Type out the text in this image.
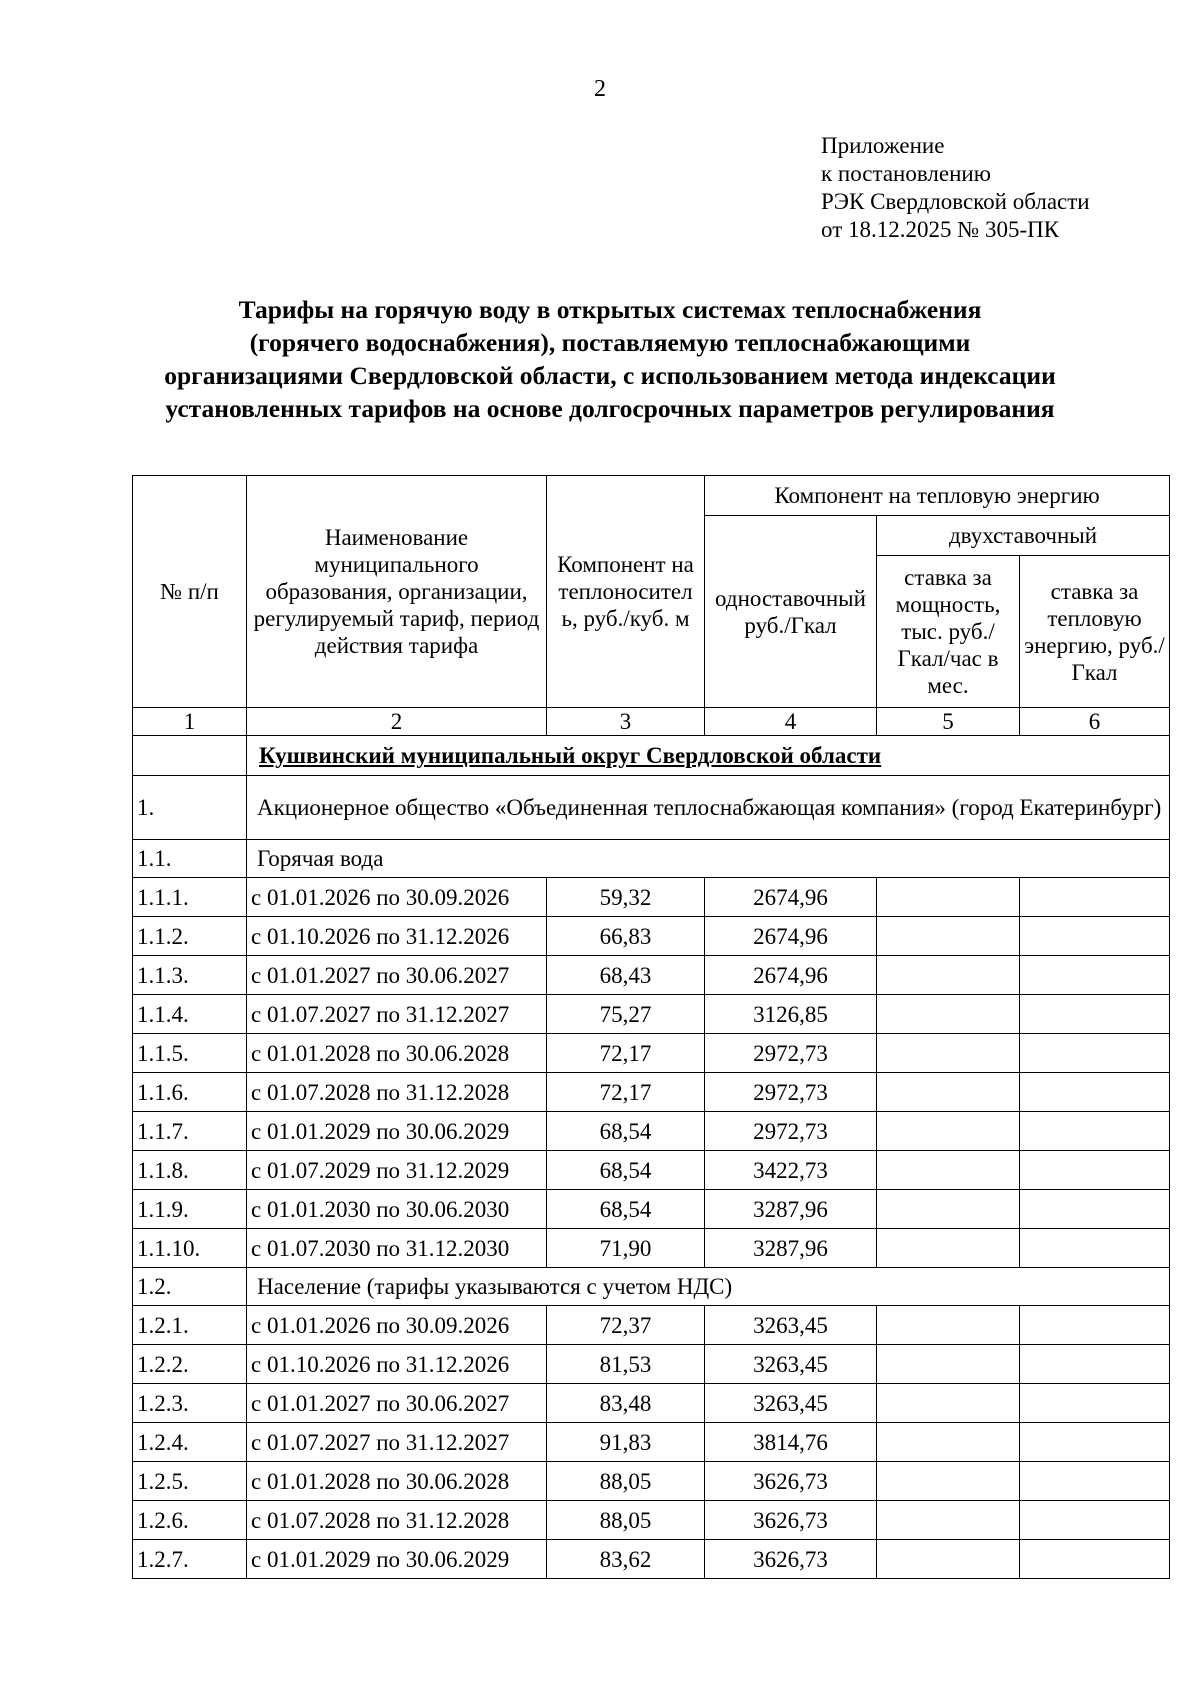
2
Приложение
к постановлению
РЭК Свердловской области
от 18.12.2025 № 305-ПК
Тарифы на горячую воду в открытых системах теплоснабжения
(горячего водоснабжения), поставляемую теплоснабжающими
организациями Свердловской области, с использованием метода индексации
установленных тарифов на основе долгосрочных параметров регулирования
№ п/п	Наименование муниципального образования, организации, регулируемый тариф, период действия тарифа	Компонент на теплоносител ь, руб./куб. м	Компонент на тепловую энергию		
			одноставочный руб./Гкал	двухставочный	
				ставка за мощность, тыс. руб./Гкал/час в мес.	ставка за тепловую энергию, руб./Гкал
1	2	3	4	5	6
	Кушвинский муниципальный округ Свердловской области				
1.	Акционерное общество «Объединенная теплоснабжающая компания» (город Екатеринбург)				
1.1.	Горячая вода				
1.1.1.	с 01.01.2026 по 30.09.2026	59,32	2674,96		
1.1.2.	с 01.10.2026 по 31.12.2026	66,83	2674,96		
1.1.3.	с 01.01.2027 по 30.06.2027	68,43	2674,96		
1.1.4.	с 01.07.2027 по 31.12.2027	75,27	3126,85		
1.1.5.	с 01.01.2028 по 30.06.2028	72,17	2972,73		
1.1.6.	с 01.07.2028 по 31.12.2028	72,17	2972,73		
1.1.7.	с 01.01.2029 по 30.06.2029	68,54	2972,73		
1.1.8.	с 01.07.2029 по 31.12.2029	68,54	3422,73		
1.1.9.	с 01.01.2030 по 30.06.2030	68,54	3287,96		
1.1.10.	с 01.07.2030 по 31.12.2030	71,90	3287,96		
1.2.	Население (тарифы указываются с учетом НДС)				
1.2.1.	с 01.01.2026 по 30.09.2026	72,37	3263,45		
1.2.2.	с 01.10.2026 по 31.12.2026	81,53	3263,45		
1.2.3.	с 01.01.2027 по 30.06.2027	83,48	3263,45		
1.2.4.	с 01.07.2027 по 31.12.2027	91,83	3814,76		
1.2.5.	с 01.01.2028 по 30.06.2028	88,05	3626,73		
1.2.6.	с 01.07.2028 по 31.12.2028	88,05	3626,73		
1.2.7.	с 01.01.2029 по 30.06.2029	83,62	3626,73		
